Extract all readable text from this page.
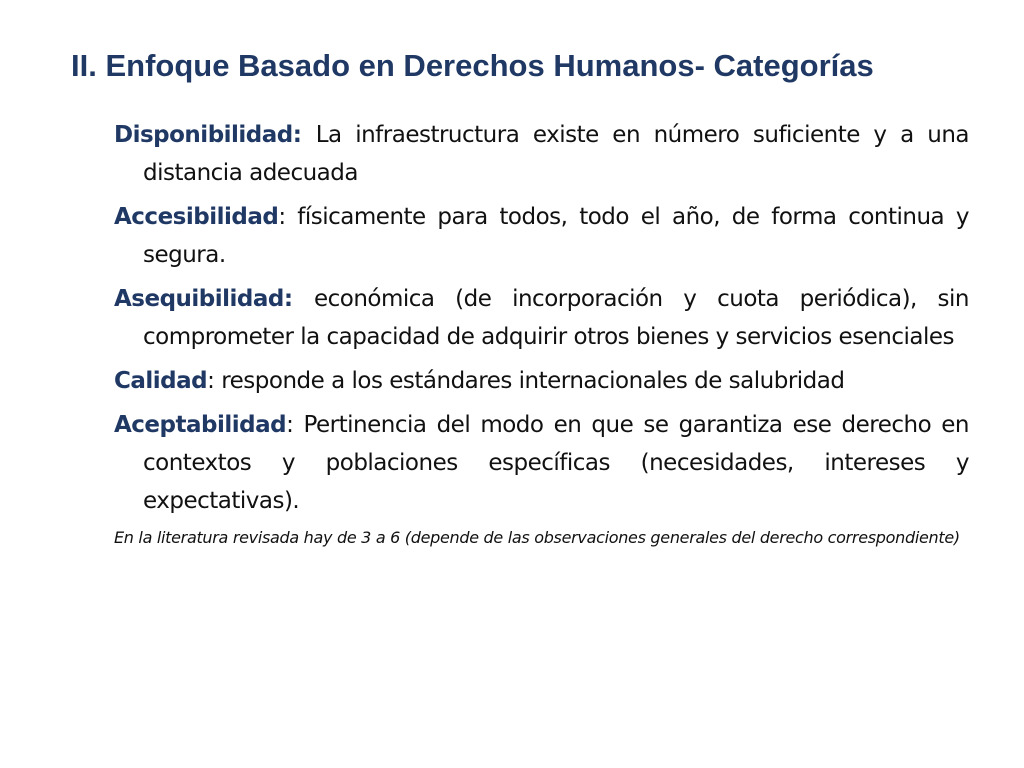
II. Enfoque Basado en Derechos Humanos- Categorías

Disponibilidad: La infraestructura existe en número suficiente y a una distancia adecuada

Accesibilidad: físicamente para todos, todo el año, de forma continua y segura.

Asequibilidad: económica (de incorporación y cuota periódica), sin comprometer la capacidad de adquirir otros bienes y servicios esenciales

Calidad: responde a los estándares internacionales de salubridad

Aceptabilidad: Pertinencia del modo en que se garantiza ese derecho en contextos y poblaciones específicas (necesidades, intereses y expectativas).

En la literatura revisada hay de 3 a 6 (depende de las observaciones generales del derecho correspondiente)
